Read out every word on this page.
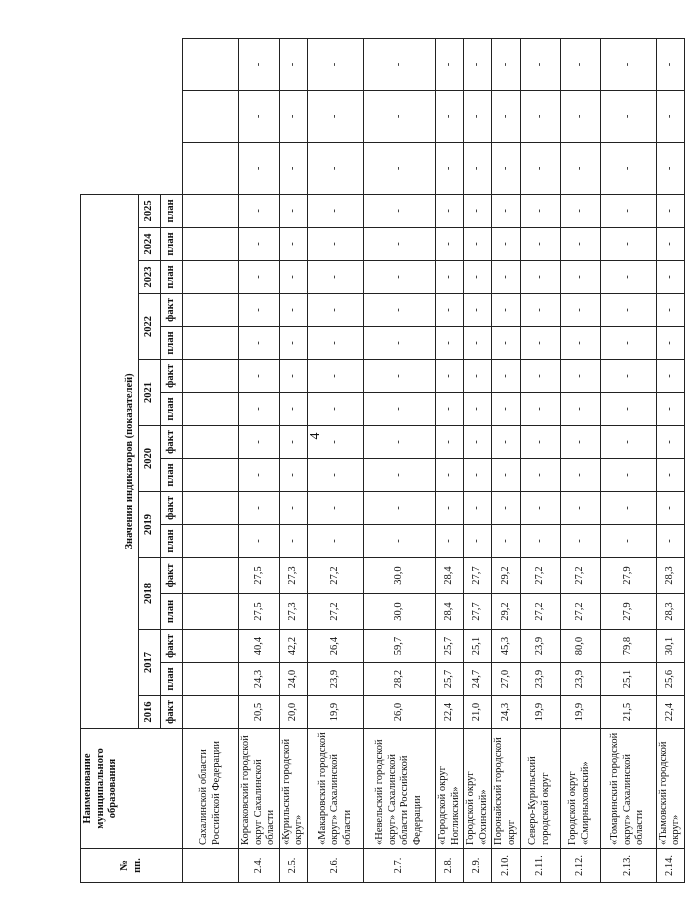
4
№ пп.	Наименование муниципального образования	Значения индикаторов (показателей)																		
		2016	2017		2018		2019		2020		2021		2022		2023	2024	2025			
		факт	план	факт	план	факт	план	факт	план	факт	план	факт	план	факт	план	план	план			
	Сахалинской области Российской Федерации																			
2.4.	Корсаковский городской округ Сахалинской области	20,5	24,3	40,4	27,5	27,5	-	-	-	-	-	-	-	-	-	-	-	-	-	-
2.5.	«Курильский городской округ»	20,0	24,0	42,2	27,3	27,3	-	-	-	-	-	-	-	-	-	-	-	-	-	-
2.6.	«Макаровский городской округ» Сахалинской области	19,9	23,9	26,4	27,2	27,2	-	-	-	-	-	-	-	-	-	-	-	-	-	-
2.7.	«Невельский городской округ» Сахалинской области Российской Федерации	26,0	28,2	59,7	30,0	30,0	-	-	-	-	-	-	-	-	-	-	-	-	-	-
2.8.	«Городской округ Ногликский»	22,4	25,7	25,7	28,4	28,4	-	-	-	-	-	-	-	-	-	-	-	-	-	-
2.9.	Городской округ «Охинский»	21,0	24,7	25,1	27,7	27,7	-	-	-	-	-	-	-	-	-	-	-	-	-	-
2.10.	Поронайский городской округ	24,3	27,0	45,3	29,2	29,2	-	-	-	-	-	-	-	-	-	-	-	-	-	-
2.11.	Северо-Курильский городской округ	19,9	23,9	23,9	27,2	27,2	-	-	-	-	-	-	-	-	-	-	-	-	-	-
2.12.	Городской округ «Смирныховский»	19,9	23,9	80,0	27,2	27,2	-	-	-	-	-	-	-	-	-	-	-	-	-	-
2.13.	«Томаринский городской округ» Сахалинской области	21,5	25,1	79,8	27,9	27,9	-	-	-	-	-	-	-	-	-	-	-	-	-	-
2.14.	«Тымовский городской округ»	22,4	25,6	30,1	28,3	28,3	-	-	-	-	-	-	-	-	-	-	-	-	-	-
